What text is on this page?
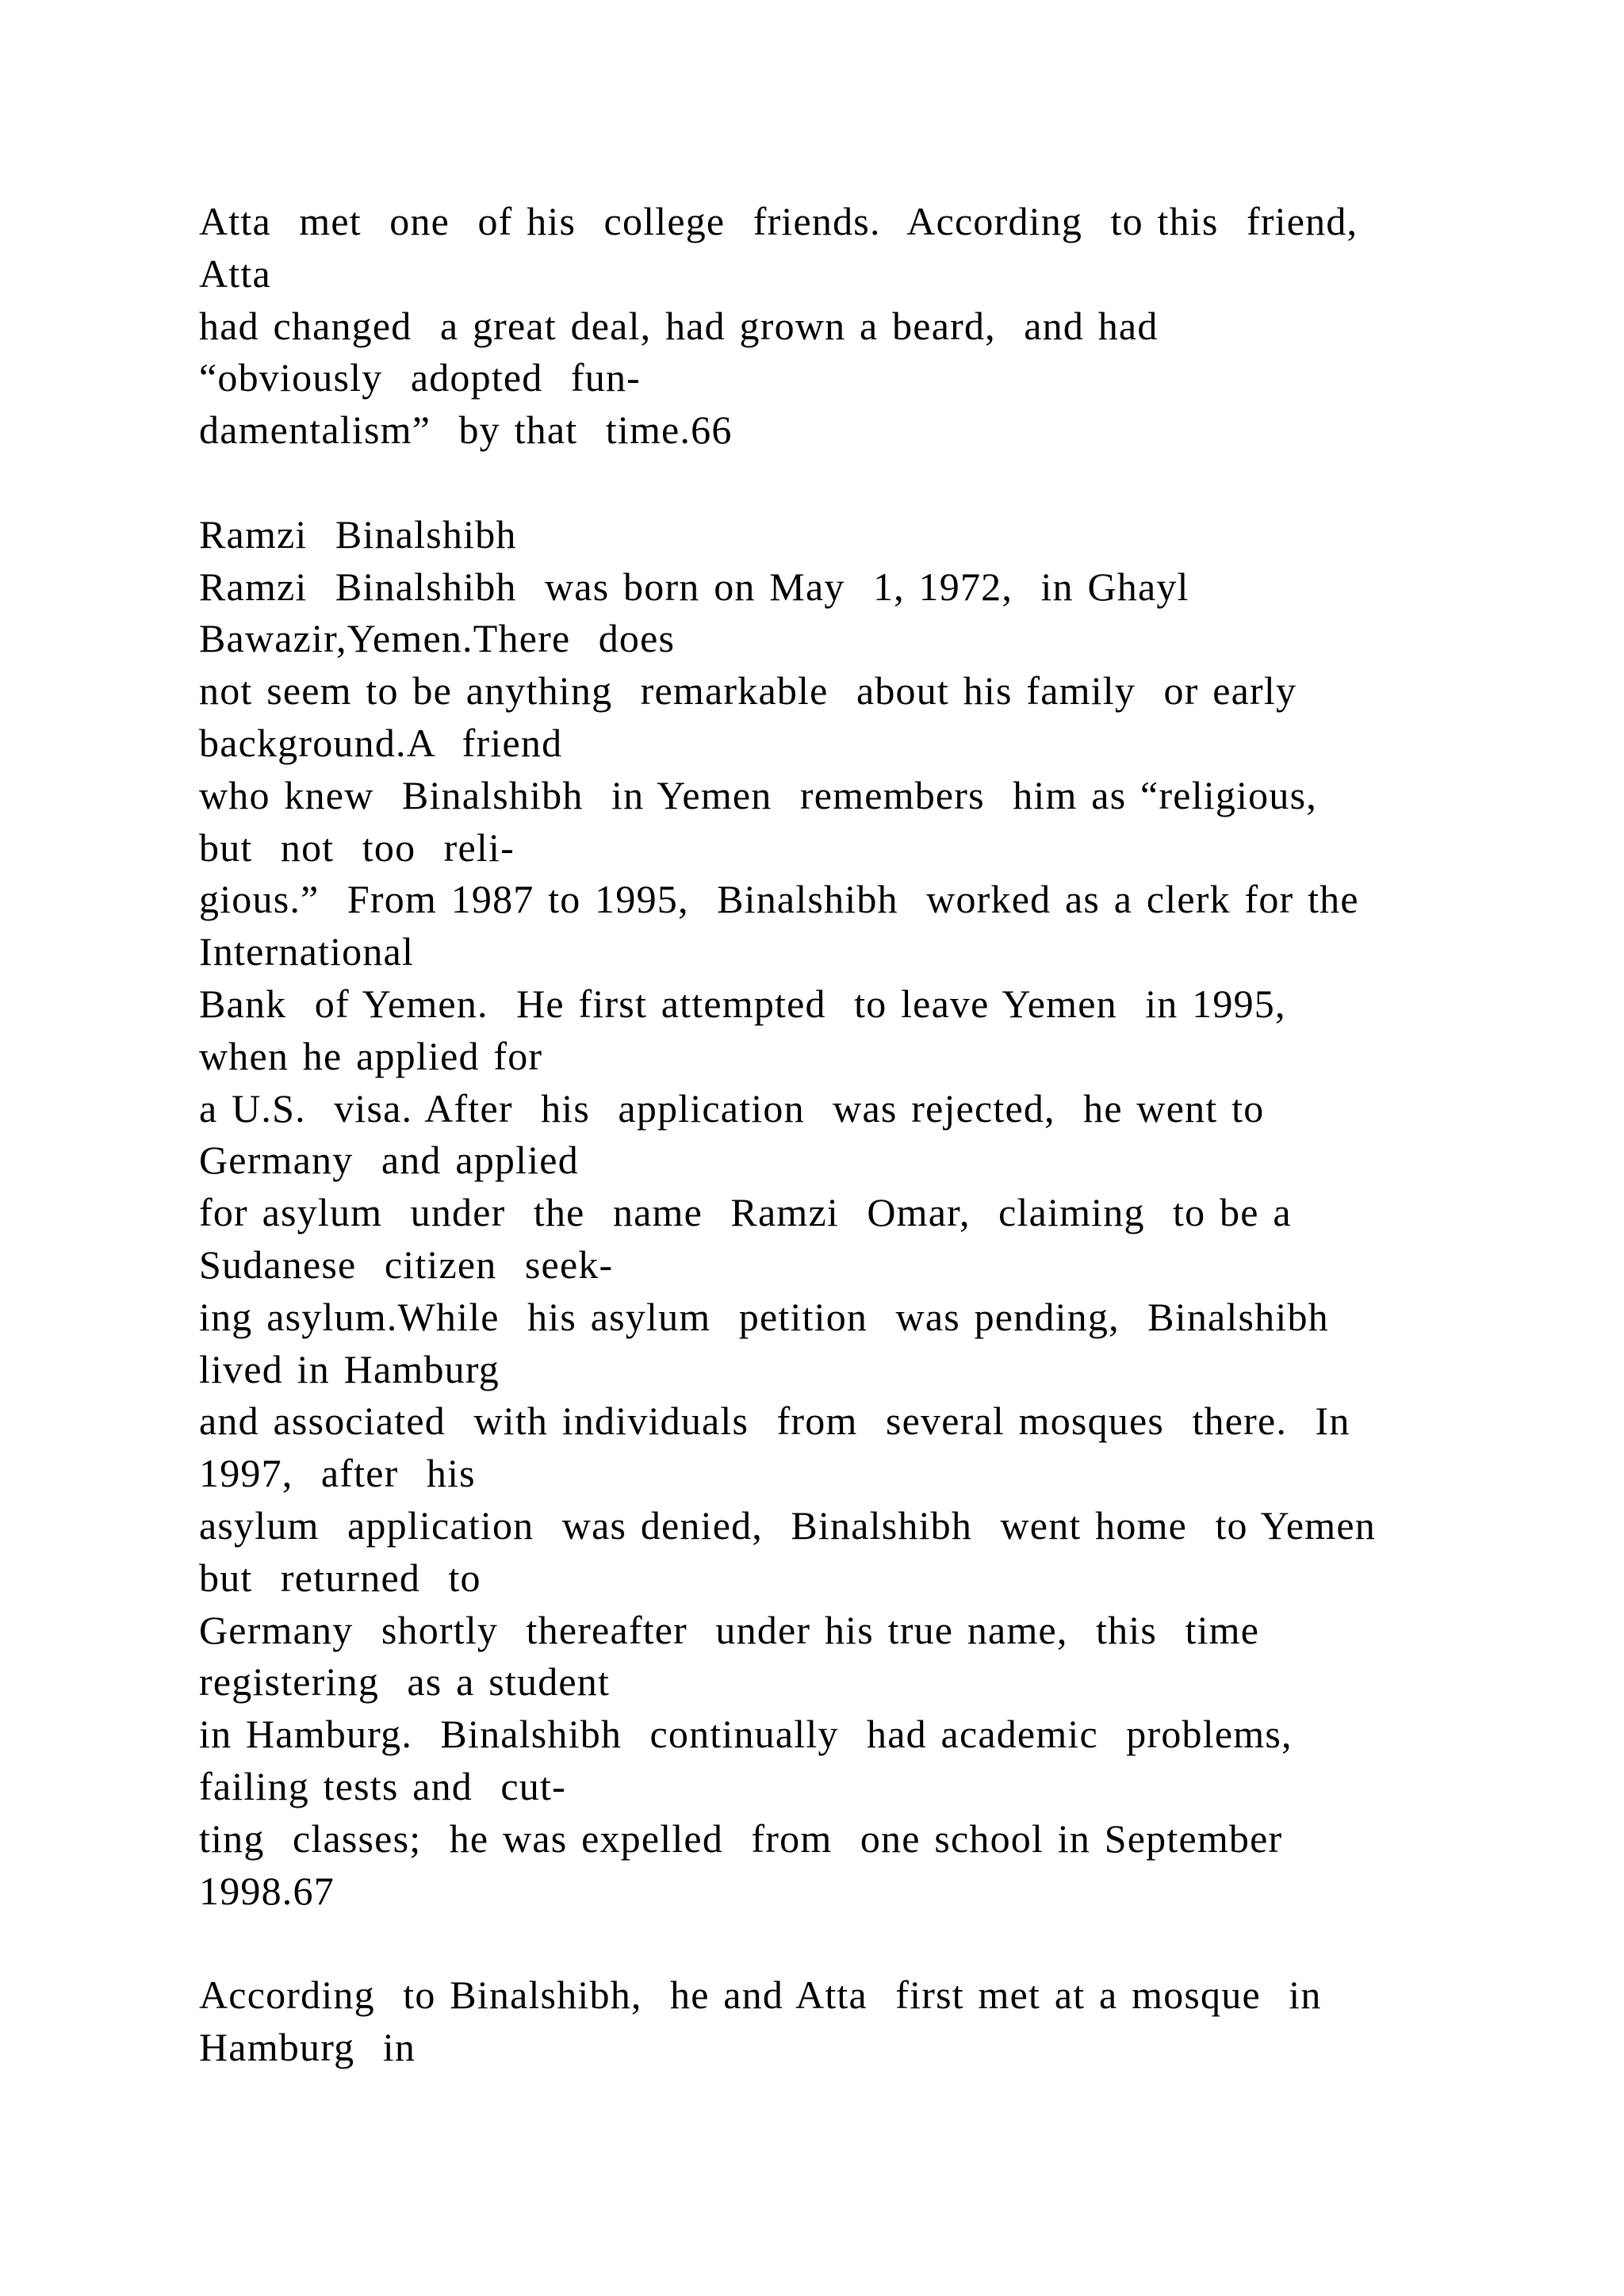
Atta  met  one  of his  college  friends.  According  to this  friend,
Atta
had changed  a great deal, had grown a beard,  and had
“obviously  adopted  fun-
damentalism”  by that  time.66
Ramzi  Binalshibh
Ramzi  Binalshibh  was born on May  1, 1972,  in Ghayl
Bawazir,Yemen.There  does
not seem to be anything  remarkable  about his family  or early
background.A  friend
who knew  Binalshibh  in Yemen  remembers  him as “religious,
but  not  too  reli-
gious.”  From 1987 to 1995,  Binalshibh  worked as a clerk for the
International
Bank  of Yemen.  He first attempted  to leave Yemen  in 1995,
when he applied for
a U.S.  visa. After  his  application  was rejected,  he went to
Germany  and applied
for asylum  under  the  name  Ramzi  Omar,  claiming  to be a
Sudanese  citizen  seek-
ing asylum.While  his asylum  petition  was pending,  Binalshibh
lived in Hamburg
and associated  with individuals  from  several mosques  there.  In
1997,  after  his
asylum  application  was denied,  Binalshibh  went home  to Yemen
but  returned  to
Germany  shortly  thereafter  under his true name,  this  time
registering  as a student
in Hamburg.  Binalshibh  continually  had academic  problems,
failing tests and  cut-
ting  classes;  he was expelled  from  one school in September
1998.67
According  to Binalshibh,  he and Atta  first met at a mosque  in
Hamburg  in
